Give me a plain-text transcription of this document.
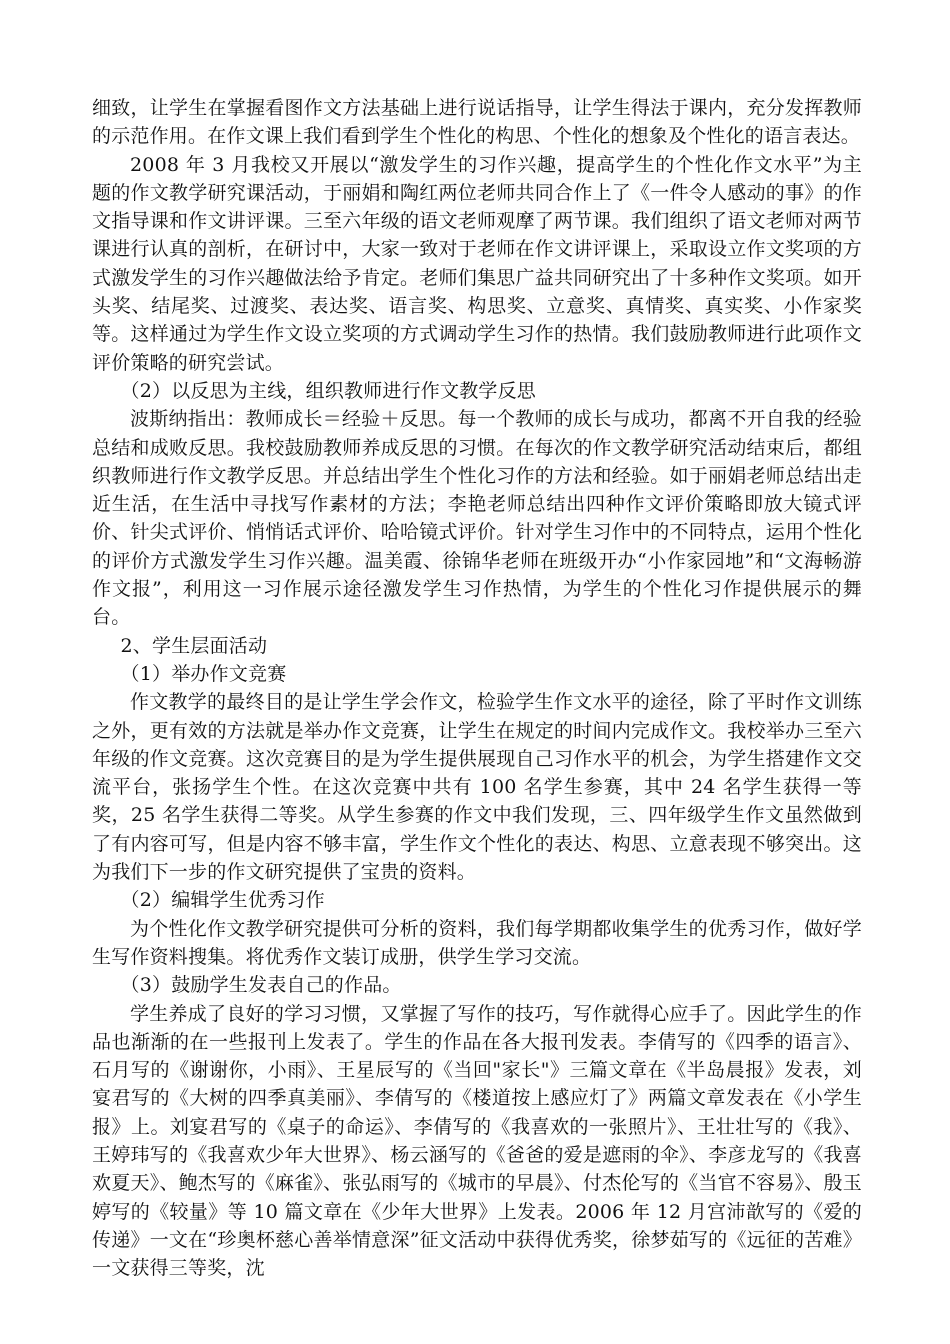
细致，让学生在掌握看图作文方法基础上进行说话指导，让学生得法于课内，充分发挥教师的示范作用。在作文课上我们看到学生个性化的构思、个性化的想象及个性化的语言表达。

2008 年 3 月我校又开展以“激发学生的习作兴趣，提高学生的个性化作文水平”为主题的作文教学研究课活动，于丽娟和陶红两位老师共同合作上了《一件令人感动的事》的作文指导课和作文讲评课。三至六年级的语文老师观摩了两节课。我们组织了语文老师对两节课进行认真的剖析，在研讨中，大家一致对于老师在作文讲评课上，采取设立作文奖项的方式激发学生的习作兴趣做法给予肯定。老师们集思广益共同研究出了十多种作文奖项。如开头奖、结尾奖、过渡奖、表达奖、语言奖、构思奖、立意奖、真情奖、真实奖、小作家奖等。这样通过为学生作文设立奖项的方式调动学生习作的热情。我们鼓励教师进行此项作文评价策略的研究尝试。

（2）以反思为主线，组织教师进行作文教学反思

波斯纳指出：教师成长＝经验＋反思。每一个教师的成长与成功，都离不开自我的经验总结和成败反思。我校鼓励教师养成反思的习惯。在每次的作文教学研究活动结束后，都组织教师进行作文教学反思。并总结出学生个性化习作的方法和经验。如于丽娟老师总结出走近生活，在生活中寻找写作素材的方法；李艳老师总结出四种作文评价策略即放大镜式评价、针尖式评价、悄悄话式评价、哈哈镜式评价。针对学生习作中的不同特点，运用个性化的评价方式激发学生习作兴趣。温美霞、徐锦华老师在班级开办“小作家园地”和“文海畅游作文报”，利用这一习作展示途径激发学生习作热情，为学生的个性化习作提供展示的舞台。

2、学生层面活动

（1）举办作文竞赛

作文教学的最终目的是让学生学会作文，检验学生作文水平的途径，除了平时作文训练之外，更有效的方法就是举办作文竞赛，让学生在规定的时间内完成作文。我校举办三至六年级的作文竞赛。这次竞赛目的是为学生提供展现自己习作水平的机会，为学生搭建作文交流平台，张扬学生个性。在这次竞赛中共有 100 名学生参赛，其中 24 名学生获得一等奖，25 名学生获得二等奖。从学生参赛的作文中我们发现，三、四年级学生作文虽然做到了有内容可写，但是内容不够丰富，学生作文个性化的表达、构思、立意表现不够突出。这为我们下一步的作文研究提供了宝贵的资料。

（2）编辑学生优秀习作

为个性化作文教学研究提供可分析的资料，我们每学期都收集学生的优秀习作，做好学生写作资料搜集。将优秀作文装订成册，供学生学习交流。

（3）鼓励学生发表自己的作品。

学生养成了良好的学习习惯，又掌握了写作的技巧，写作就得心应手了。因此学生的作品也渐渐的在一些报刊上发表了。学生的作品在各大报刊发表。李倩写的《四季的语言》、石月写的《谢谢你，小雨》、王星辰写的《当回"家长"》三篇文章在《半岛晨报》发表，刘宴君写的《大树的四季真美丽》、李倩写的《楼道按上感应灯了》两篇文章发表在《小学生报》上。刘宴君写的《桌子的命运》、李倩写的《我喜欢的一张照片》、王壮壮写的《我》、王婷玮写的《我喜欢少年大世界》、杨云涵写的《爸爸的爱是遮雨的伞》、李彦龙写的《我喜欢夏天》、鲍杰写的《麻雀》、张弘雨写的《城市的早晨》、付杰伦写的《当官不容易》、殷玉婷写的《较量》等 10 篇文章在《少年大世界》上发表。2006 年 12 月宫沛歆写的《爱的传递》一文在“珍奥杯慈心善举情意深”征文活动中获得优秀奖，徐梦茹写的《远征的苦难》一文获得三等奖，沈
